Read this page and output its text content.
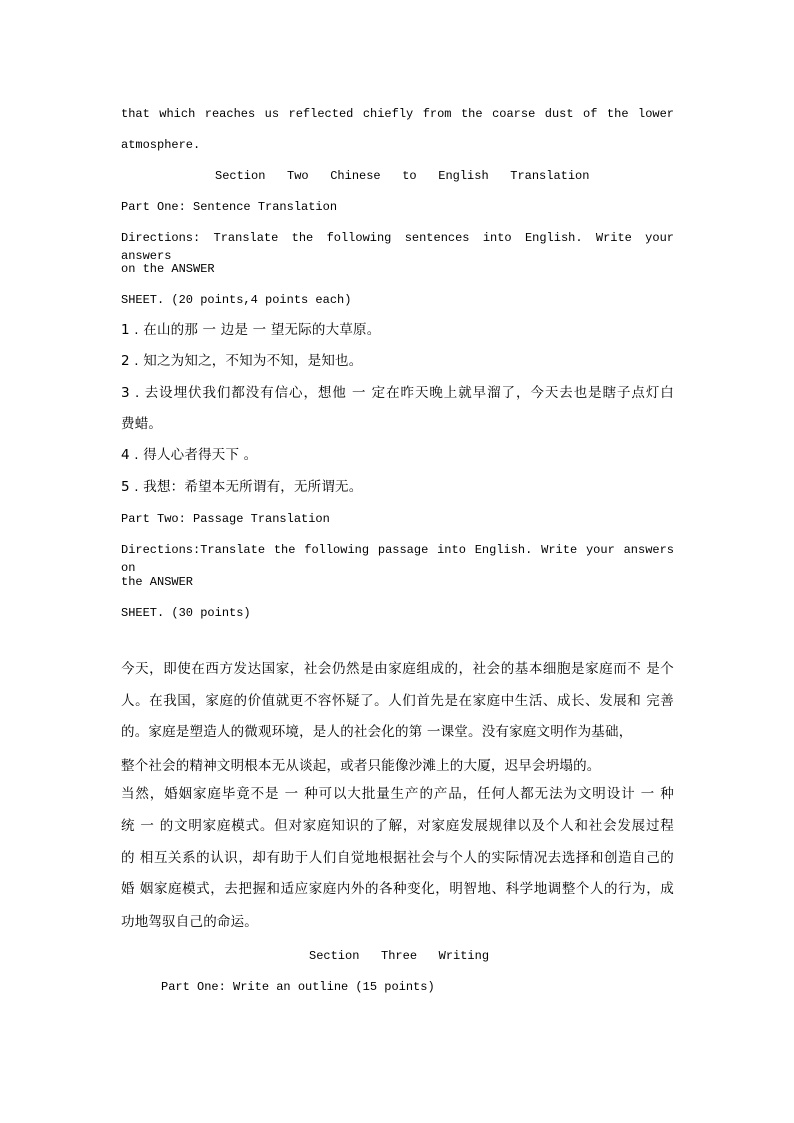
that which reaches us reflected chiefly from the coarse dust of the lower
atmosphere.
Section   Two   Chinese   to   English   Translation
Part One: Sentence Translation
Directions: Translate the following sentences into English. Write your answers
on the ANSWER
SHEET. (20 points,4 points each)
1 . 在山的那 一 边是 一 望无际的大草原。
2 . 知之为知之，不知为不知，是知也。
3 . 去设埋伏我们都没有信心，想他 一 定在昨天晚上就早溜了，今天去也是瞎子点灯白
费蜡。
4 . 得人心者得天下 。
5 . 我想：希望本无所谓有，无所谓无。
Part Two: Passage Translation
Directions:Translate the following passage into English. Write your answers on
the ANSWER
SHEET. (30 points)
今天，即使在西方发达国家，社会仍然是由家庭组成的，社会的基本细胞是家庭而不 是个
人。在我国，家庭的价值就更不容怀疑了。人们首先是在家庭中生活、成长、发展和 完善
的。家庭是塑造人的微观环境，是人的社会化的第 一课堂。没有家庭文明作为基础，
整个社会的精神文明根本无从谈起，或者只能像沙滩上的大厦，迟早会坍塌的。
当然，婚姻家庭毕竟不是 一 种可以大批量生产的产品，任何人都无法为文明设计 一 种
统 一 的文明家庭模式。但对家庭知识的了解，对家庭发展规律以及个人和社会发展过程
的 相互关系的认识，却有助于人们自觉地根据社会与个人的实际情况去选择和创造自己的
婚 姻家庭模式，去把握和适应家庭内外的各种变化，明智地、科学地调整个人的行为，成
功地驾驭自己的命运。
Section   Three   Writing
Part One: Write an outline (15 points)
